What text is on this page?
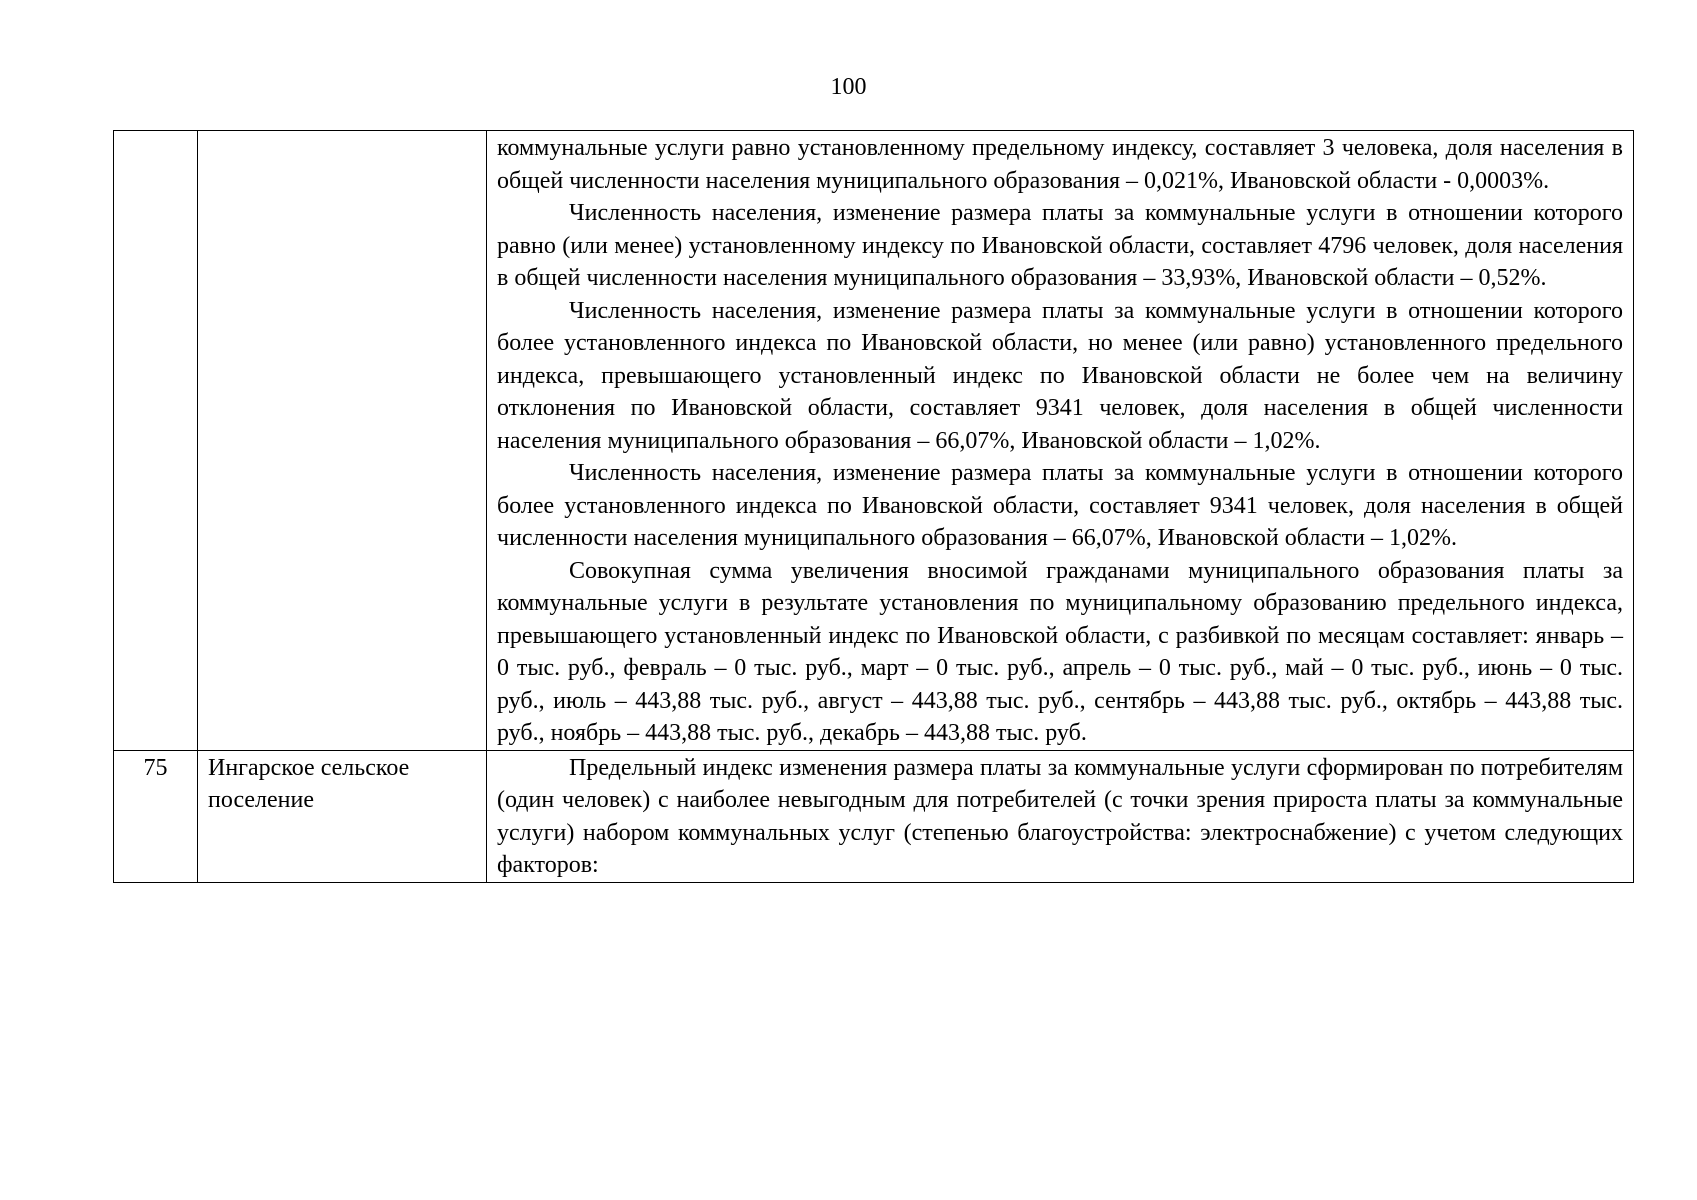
100

		коммунальные услуги равно установленному предельному индексу, составляет 3 человека, доля населения в общей численности населения муниципального образования – 0,021%, Ивановской области - 0,0003%.

Численность населения, изменение размера платы за коммунальные услуги в отношении которого равно (или менее) установленному индексу по Ивановской области, составляет 4796 человек, доля населения в общей численности населения муниципального образования – 33,93%, Ивановской области – 0,52%.

Численность населения, изменение размера платы за коммунальные услуги в отношении которого более установленного индекса по Ивановской области, но менее (или равно) установленного предельного индекса, превышающего установленный индекс по Ивановской области не более чем на величину отклонения по Ивановской области, составляет 9341 человек, доля населения в общей численности населения муниципального образования – 66,07%, Ивановской области – 1,02%.

Численность населения, изменение размера платы за коммунальные услуги в отношении которого более установленного индекса по Ивановской области, составляет 9341 человек, доля населения в общей численности населения муниципального образования – 66,07%, Ивановской области – 1,02%.

Совокупная сумма увеличения вносимой гражданами муниципального образования платы за коммунальные услуги в результате установления по муниципальному образованию предельного индекса, превышающего установленный индекс по Ивановской области, с разбивкой по месяцам составляет: январь – 0 тыс. руб., февраль – 0 тыс. руб., март – 0 тыс. руб., апрель – 0 тыс. руб., май – 0 тыс. руб., июнь – 0 тыс. руб., июль – 443,88 тыс. руб., август – 443,88 тыс. руб., сентябрь – 443,88 тыс. руб., октябрь – 443,88 тыс. руб., ноябрь – 443,88 тыс. руб., декабрь – 443,88 тыс. руб.

75	Ингарское сельское поселение	Предельный индекс изменения размера платы за коммунальные услуги сформирован по потребителям (один человек) с наиболее невыгодным для потребителей (с точки зрения прироста платы за коммунальные услуги) набором коммунальных услуг (степенью благоустройства: электроснабжение) с учетом следующих факторов:
